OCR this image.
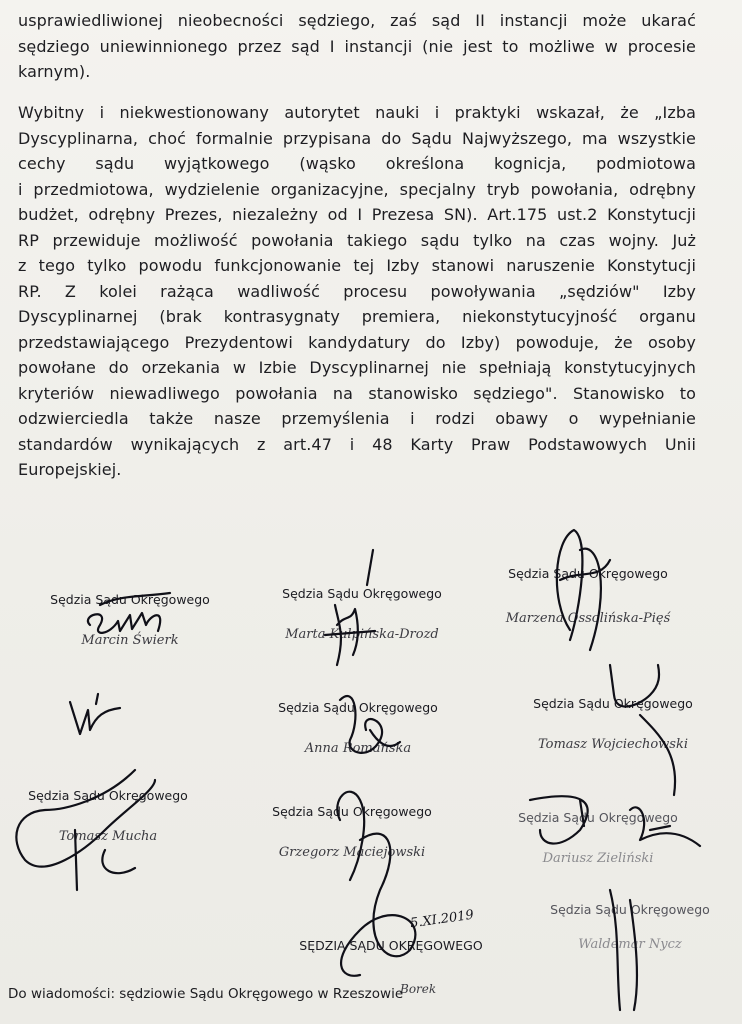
usprawiedliwionej nieobecności sędziego, zaś sąd II instancji może ukarać
sędziego uniewinnionego przez sąd I instancji (nie jest to możliwe w procesie
karnym).
Wybitny i niekwestionowany autorytet nauki i praktyki wskazał, że „Izba
Dyscyplinarna, choć formalnie przypisana do Sądu Najwyższego, ma wszystkie
cechy sądu wyjątkowego (wąsko określona kognicja, podmiotowa
i przedmiotowa, wydzielenie organizacyjne, specjalny tryb powołania, odrębny
budżet, odrębny Prezes, niezależny od I Prezesa SN). Art.175 ust.2 Konstytucji
RP przewiduje możliwość powołania takiego sądu tylko na czas wojny. Już
z tego tylko powodu funkcjonowanie tej Izby stanowi naruszenie Konstytucji
RP. Z kolei rażąca wadliwość procesu powoływania „sędziów" Izby
Dyscyplinarnej (brak kontrasygnaty premiera, niekonstytucyjność organu
przedstawiającego Prezydentowi kandydatury do Izby) powoduje, że osoby
powołane do orzekania w Izbie Dyscyplinarnej nie spełniają konstytucyjnych
kryteriów niewadliwego powołania na stanowisko sędziego". Stanowisko to
odzwierciedla także nasze przemyślenia i rodzi obawy o wypełnianie
standardów wynikających z art.47 i 48 Karty Praw Podstawowych Unii
Europejskiej.
Sędzia Sądu Okręgowego
Marcin Świerk
Sędzia Sądu Okręgowego
Marta Kulpińska-Drozd
Sędzia Sądu Okręgowego
Marzena Ossolińska-Pięś
Sędzia Sądu Okręgowego
Anna Romańska
Sędzia Sądu Okręgowego
Tomasz Wojciechowski
Sędzia Sądu Okręgowego
Tomasz Mucha
Sędzia Sądu Okręgowego
Grzegorz Maciejowski
Sędzia Sądu Okręgowego
Dariusz Zieliński
Sędzia Sądu Okręgowego
Waldemar Nycz
SĘDZIA SĄDU OKRĘGOWEGO
Borek
5.XI.2019
Do wiadomości: sędziowie Sądu Okręgowego w Rzeszowie
